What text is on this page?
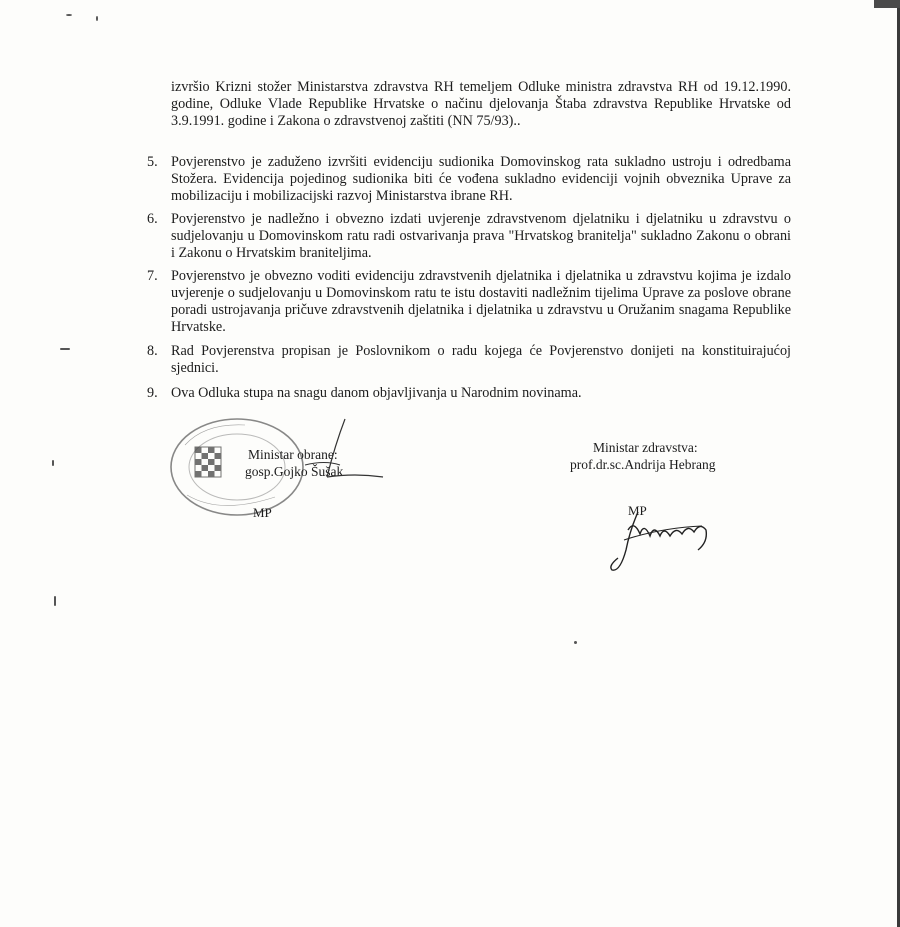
izvršio Krizni stožer Ministarstva zdravstva RH temeljem Odluke ministra zdravstva RH od 19.12.1990. godine, Odluke Vlade Republike Hrvatske o načinu djelovanja Štaba zdravstva Republike Hrvatske od 3.9.1991. godine i Zakona o zdravstvenoj zaštiti (NN 75/93)..
5. Povjerenstvo je zaduženo izvršiti evidenciju sudionika Domovinskog rata sukladno ustroju i odredbama Stožera. Evidencija pojedinog sudionika biti će vođena sukladno evidenciji vojnih obveznika Uprave za mobilizaciju i mobilizacijski razvoj Ministarstva ibrane RH.
6. Povjerenstvo je nadležno i obvezno izdati uvjerenje zdravstvenom djelatniku i djelatniku u zdravstvu o sudjelovanju u Domovinskom ratu radi ostvarivanja prava "Hrvatskog branitelja" sukladno Zakonu o obrani i Zakonu o Hrvatskim braniteljima.
7. Povjerenstvo je obvezno voditi evidenciju zdravstvenih djelatnika i djelatnika u zdravstvu kojima je izdalo uvjerenje o sudjelovanju u Domovinskom ratu te istu dostaviti nadležnim tijelima Uprave za poslove obrane poradi ustrojavanja pričuve zdravstvenih djelatnika i djelatnika u zdravstvu u Oružanim snagama Republike Hrvatske.
8. Rad Povjerenstva propisan je Poslovnikom o radu kojega će Povjerenstvo donijeti na konstituirajućoj sjednici.
9. Ova Odluka stupa na snagu danom objavljivanja u Narodnim novinama.
Ministar obrane:
gosp.Gojko Šušak
MP
Ministar zdravstva:
prof.dr.sc.Andrija Hebrang
MP
